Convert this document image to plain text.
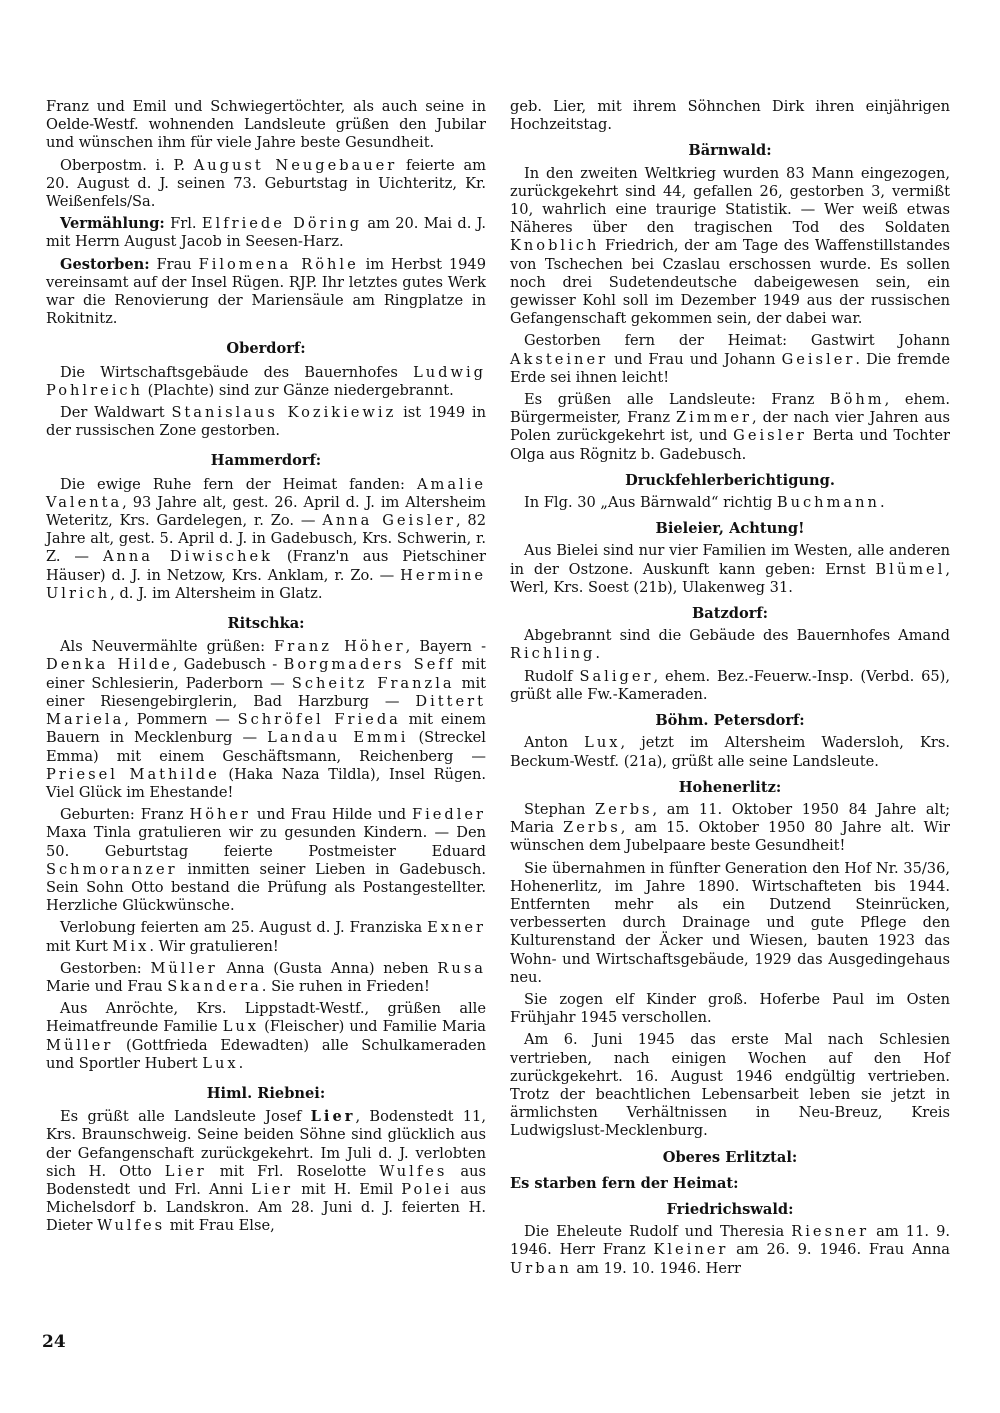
Franz und Emil und Schwiegertöchter, als auch seine in Oelde-Westf. wohnenden Landsleute grüßen den Jubilar und wünschen ihm für viele Jahre beste Gesundheit.

Oberpostm. i. P. August Neugebauer feierte am 20. August d. J. seinen 73. Geburtstag in Uichteritz, Kr. Weißenfels/Sa.

Vermählung: Frl. Elfriede Döring am 20. Mai d. J. mit Herrn August Jacob in Seesen-Harz.

Gestorben: Frau Filomena Röhle im Herbst 1949 vereinsamt auf der Insel Rügen. RJP. Ihr letztes gutes Werk war die Renovierung der Mariensäule am Ringplatze in Rokitnitz.

Oberdorf:

Die Wirtschaftsgebäude des Bauernhofes Ludwig Pohlreich (Plachte) sind zur Gänze niedergebrannt.

Der Waldwart Stanislaus Kozikiewiz ist 1949 in der russischen Zone gestorben.

Hammerdorf:

Die ewige Ruhe fern der Heimat fanden: Amalie Valenta, 93 Jahre alt, gest. 26. April d. J. im Altersheim Weteritz, Krs. Gardelegen, r. Zo. — Anna Geisler, 82 Jahre alt, gest. 5. April d. J. in Gadebusch, Krs. Schwerin, r. Z. — Anna Diwischek (Franz'n aus Pietschiner Häuser) d. J. in Netzow, Krs. Anklam, r. Zo. — Hermine Ulrich, d. J. im Altersheim in Glatz.

Ritschka:

Als Neuvermählte grüßen: Franz Höher, Bayern - Denka Hilde, Gadebusch - Borgmaders Seff mit einer Schlesierin, Paderborn — Scheitz Franzla mit einer Riesengebirglerin, Bad Harzburg — Dittert Mariela, Pommern — Schröfel Frieda mit einem Bauern in Mecklenburg — Landau Emmi (Streckel Emma) mit einem Geschäftsmann, Reichenberg — Priesel Mathilde (Haka Naza Tildla), Insel Rügen. Viel Glück im Ehestande!

Geburten: Franz Höher und Frau Hilde und Fiedler Maxa Tinla gratulieren wir zu gesunden Kindern. — Den 50. Geburtstag feierte Postmeister Eduard Schmoranzer inmitten seiner Lieben in Gadebusch. Sein Sohn Otto bestand die Prüfung als Postangestellter. Herzliche Glückwünsche.

Verlobung feierten am 25. August d. J. Franziska Exner mit Kurt Mix. Wir gratulieren!

Gestorben: Müller Anna (Gusta Anna) neben Rusa Marie und Frau Skandera. Sie ruhen in Frieden!

Aus Anröchte, Krs. Lippstadt-Westf., grüßen alle Heimatfreunde Familie Lux (Fleischer) und Familie Maria Müller (Gottfrieda Edewadten) alle Schulkameraden und Sportler Hubert Lux.

Himl. Riebnei:

Es grüßt alle Landsleute Josef Lier, Bodenstedt 11, Krs. Braunschweig. Seine beiden Söhne sind glücklich aus der Gefangenschaft zurückgekehrt. Im Juli d. J. verlobten sich H. Otto Lier mit Frl. Roselotte Wulfes aus Bodenstedt und Frl. Anni Lier mit H. Emil Polei aus Michelsdorf b. Landskron. Am 28. Juni d. J. feierten H. Dieter Wulfes mit Frau Else,

geb. Lier, mit ihrem Söhnchen Dirk ihren einjährigen Hochzeitstag.

Bärnwald:

In den zweiten Weltkrieg wurden 83 Mann eingezogen, zurückgekehrt sind 44, gefallen 26, gestorben 3, vermißt 10, wahrlich eine traurige Statistik. — Wer weiß etwas Näheres über den tragischen Tod des Soldaten Knoblich Friedrich, der am Tage des Waffenstillstandes von Tschechen bei Czaslau erschossen wurde. Es sollen noch drei Sudetendeutsche dabeigewesen sein, ein gewisser Kohl soll im Dezember 1949 aus der russischen Gefangenschaft gekommen sein, der dabei war.

Gestorben fern der Heimat: Gastwirt Johann Aksteiner und Frau und Johann Geisler. Die fremde Erde sei ihnen leicht!

Es grüßen alle Landsleute: Franz Böhm, ehem. Bürgermeister, Franz Zimmer, der nach vier Jahren aus Polen zurückgekehrt ist, und Geisler Berta und Tochter Olga aus Rögnitz b. Gadebusch.

Druckfehlerberichtigung.

In Flg. 30 „Aus Bärnwald“ richtig Buchmann.

Bieleier, Achtung!

Aus Bielei sind nur vier Familien im Westen, alle anderen in der Ostzone. Auskunft kann geben: Ernst Blümel, Werl, Krs. Soest (21b), Ulakenweg 31.

Batzdorf:

Abgebrannt sind die Gebäude des Bauernhofes Amand Richling.

Rudolf Saliger, ehem. Bez.-Feuerw.-Insp. (Verbd. 65), grüßt alle Fw.-Kameraden.

Böhm. Petersdorf:

Anton Lux, jetzt im Altersheim Wadersloh, Krs. Beckum-Westf. (21a), grüßt alle seine Landsleute.

Hohenerlitz:

Stephan Zerbs, am 11. Oktober 1950 84 Jahre alt; Maria Zerbs, am 15. Oktober 1950 80 Jahre alt. Wir wünschen dem Jubelpaare beste Gesundheit!

Sie übernahmen in fünfter Generation den Hof Nr. 35/36, Hohenerlitz, im Jahre 1890. Wirtschafteten bis 1944. Entfernten mehr als ein Dutzend Steinrücken, verbesserten durch Drainage und gute Pflege den Kulturenstand der Äcker und Wiesen, bauten 1923 das Wohn- und Wirtschaftsgebäude, 1929 das Ausgedingehaus neu.

Sie zogen elf Kinder groß. Hoferbe Paul im Osten Frühjahr 1945 verschollen.

Am 6. Juni 1945 das erste Mal nach Schlesien vertrieben, nach einigen Wochen auf den Hof zurückgekehrt. 16. August 1946 endgültig vertrieben. Trotz der beachtlichen Lebensarbeit leben sie jetzt in ärmlichsten Verhältnissen in Neu-Breuz, Kreis Ludwigslust-Mecklenburg.

Oberes Erlitztal:
Es starben fern der Heimat:
Friedrichswald:

Die Eheleute Rudolf und Theresia Riesner am 11. 9. 1946. Herr Franz Kleiner am 26. 9. 1946. Frau Anna Urban am 19. 10. 1946. Herr

24
